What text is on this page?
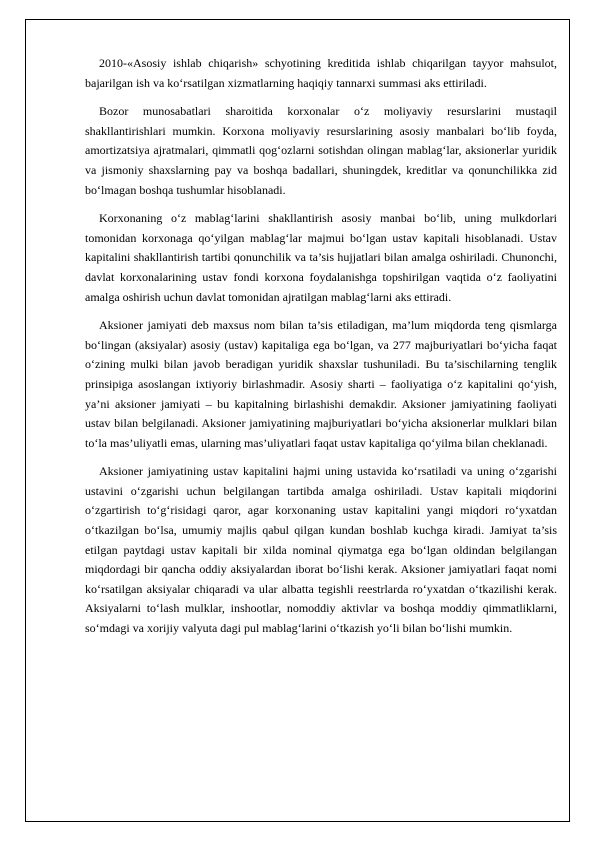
2010-«Asosiy ishlab chiqarish» schyotining kreditida ishlab chiqarilgan tayyor mahsulot, bajarilgan ish va ko‘rsatilgan xizmatlarning haqiqiy tannarxi summasi aks ettiriladi.

Bozor munosabatlari sharoitida korxonalar o‘z moliyaviy resurslarini mustaqil shakllantirishlari mumkin. Korxona moliyaviy resurslarining asosiy manbalari bo‘lib foyda, amortizatsiya ajratmalari, qimmatli qog‘ozlarni sotishdan olingan mablag‘lar, aksionerlar yuridik va jismoniy shaxslarning pay va boshqa badallari, shuningdek, kreditlar va qonunchilikka zid bo‘lmagan boshqa tushumlar hisoblanadi.

Korxonaning o‘z mablag‘larini shakllantirish asosiy manbai bo‘lib, uning mulkdorlari tomonidan korxonaga qo‘yilgan mablag‘lar majmui bo‘lgan ustav kapitali hisoblanadi. Ustav kapitalini shakllantirish tartibi qonunchilik va ta’sis hujjatlari bilan amalga oshiriladi. Chunonchi, davlat korxonalarining ustav fondi korxona foydalanishga topshirilgan vaqtida o‘z faoliyatini amalga oshirish uchun davlat tomonidan ajratilgan mablag‘larni aks ettiradi.

Aksioner jamiyati deb maxsus nom bilan ta’sis etiladigan, ma’lum miqdorda teng qismlarga bo‘lingan (aksiyalar) asosiy (ustav) kapitaliga ega bo‘lgan, va 277 majburiyatlari bo‘yicha faqat o‘zining mulki bilan javob beradigan yuridik shaxslar tushuniladi. Bu ta’sischilarning tenglik prinsipiga asoslangan ixtiyoriy birlashmadir. Asosiy sharti – faoliyatiga o‘z kapitalini qo‘yish, ya’ni aksioner jamiyati – bu kapitalning birlashishi demakdir. Aksioner jamiyatining faoliyati ustav bilan belgilanadi. Aksioner jamiyatining majburiyatlari bo‘yicha aksionerlar mulklari bilan to‘la mas’uliyatli emas, ularning mas’uliyatlari faqat ustav kapitaliga qo‘yilma bilan cheklanadi.

Aksioner jamiyatining ustav kapitalini hajmi uning ustavida ko‘rsatiladi va uning o‘zgarishi ustavini o‘zgarishi uchun belgilangan tartibda amalga oshiriladi. Ustav kapitali miqdorini o‘zgartirish to‘g‘risidagi qaror, agar korxonaning ustav kapitalini yangi miqdori ro‘yxatdan o‘tkazilgan bo‘lsa, umumiy majlis qabul qilgan kundan boshlab kuchga kiradi. Jamiyat ta’sis etilgan paytdagi ustav kapitali bir xilda nominal qiymatga ega bo‘lgan oldindan belgilangan miqdordagi bir qancha oddiy aksiyalardan iborat bo‘lishi kerak. Aksioner jamiyatlari faqat nomi ko‘rsatilgan aksiyalar chiqaradi va ular albatta tegishli reestrlarda ro‘yxatdan o‘tkazilishi kerak. Aksiyalarni to‘lash mulklar, inshootlar, nomoddiy aktivlar va boshqa moddiy qimmatliklarni, so‘mdagi va xorijiy valyuta dagi pul mablag‘larini o‘tkazish yo‘li bilan bo‘lishi mumkin.
